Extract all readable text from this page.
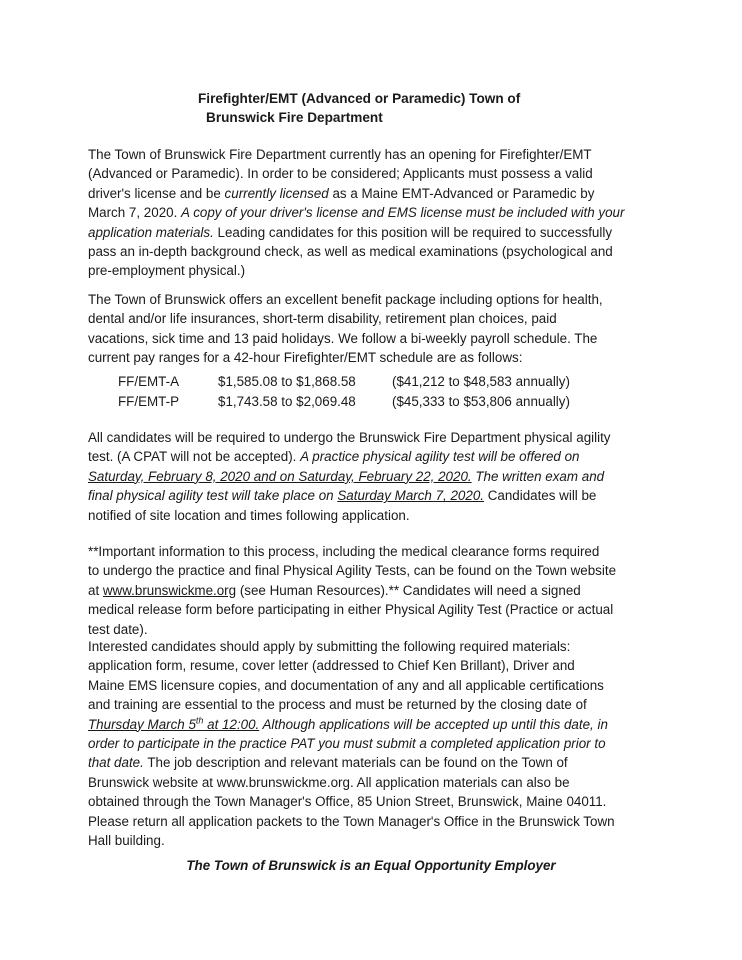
Firefighter/EMT (Advanced or Paramedic) Town of
Brunswick Fire Department
The Town of Brunswick Fire Department currently has an opening for Firefighter/EMT
(Advanced or Paramedic). In order to be considered; Applicants must possess a valid
driver's license and be currently licensed as a Maine EMT-Advanced or Paramedic by
March 7, 2020. A copy of your driver's license and EMS license must be included with your
application materials. Leading candidates for this position will be required to successfully
pass an in-depth background check, as well as medical examinations (psychological and
pre-employment physical.)
The Town of Brunswick offers an excellent benefit package including options for health,
dental and/or life insurances, short-term disability, retirement plan choices, paid
vacations, sick time and 13 paid holidays. We follow a bi-weekly payroll schedule. The
current pay ranges for a 42-hour Firefighter/EMT schedule are as follows:
FF/EMT-A	$1,585.08 to $1,868.58	($41,212 to $48,583 annually)
FF/EMT-P	$1,743.58 to $2,069.48	($45,333 to $53,806 annually)
All candidates will be required to undergo the Brunswick Fire Department physical agility
test. (A CPAT will not be accepted). A practice physical agility test will be offered on
Saturday, February 8, 2020 and on Saturday, February 22, 2020. The written exam and
final physical agility test will take place on Saturday March 7, 2020. Candidates will be
notified of site location and times following application.
**Important information to this process, including the medical clearance forms required
to undergo the practice and final Physical Agility Tests, can be found on the Town website
at www.brunswickme.org (see Human Resources).** Candidates will need a signed
medical release form before participating in either Physical Agility Test (Practice or actual
test date).
Interested candidates should apply by submitting the following required materials:
application form, resume, cover letter (addressed to Chief Ken Brillant), Driver and
Maine EMS licensure copies, and documentation of any and all applicable certifications
and training are essential to the process and must be returned by the closing date of
Thursday March 5th at 12:00. Although applications will be accepted up until this date, in
order to participate in the practice PAT you must submit a completed application prior to
that date. The job description and relevant materials can be found on the Town of
Brunswick website at www.brunswickme.org. All application materials can also be
obtained through the Town Manager's Office, 85 Union Street, Brunswick, Maine 04011.
Please return all application packets to the Town Manager's Office in the Brunswick Town
Hall building.
The Town of Brunswick is an Equal Opportunity Employer
